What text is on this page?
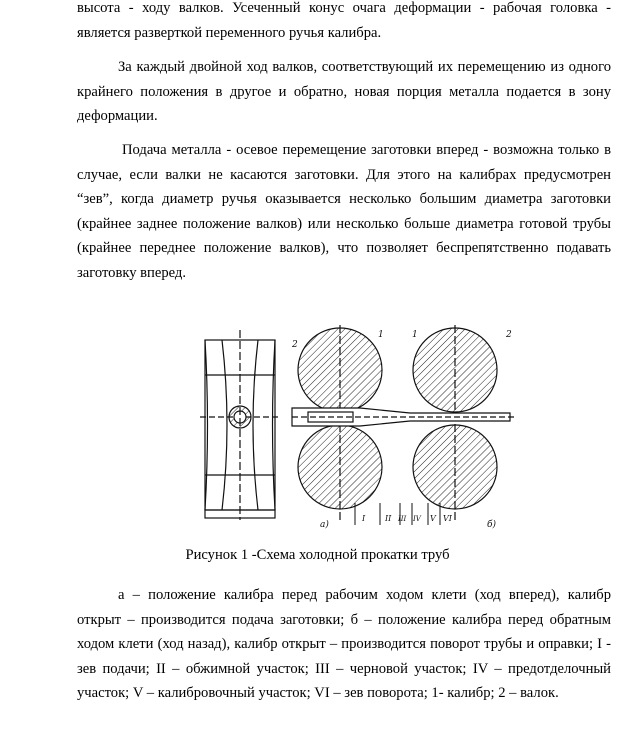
высота - ходу валков. Усеченный конус очага деформации - рабочая головка - является разверткой переменного ручья калибра.

За каждый двойной ход валков, соответствующий их перемещению из одного крайнего положения в другое и обратно, новая порция металла подается в зону деформации.

Подача металла - осевое перемещение заготовки вперед - возможна только в случае, если валки не касаются заготовки. Для этого на калибрах предусмотрен “зев”, когда диаметр ручья оказывается несколько большим диаметра заготовки (крайнее заднее положение валков) или несколько больше диаметра готовой трубы (крайнее переднее положение валков), что позволяет беспрепятственно подавать заготовку вперед.

2
1	1	2
а)	б)
I II III IV V VI
Рисунок 1 -Схема холодной прокатки труб

а – положение калибра перед рабочим ходом клети (ход вперед), калибр открыт – производится подача заготовки; б – положение калибра перед обратным ходом клети (ход назад), калибр открыт – производится поворот трубы и оправки; I - зев подачи; II – обжимной участок; III – черновой участок; IV – предотделочный участок; V – калибровочный участок; VI – зев поворота; 1- калибр; 2 – валок.
